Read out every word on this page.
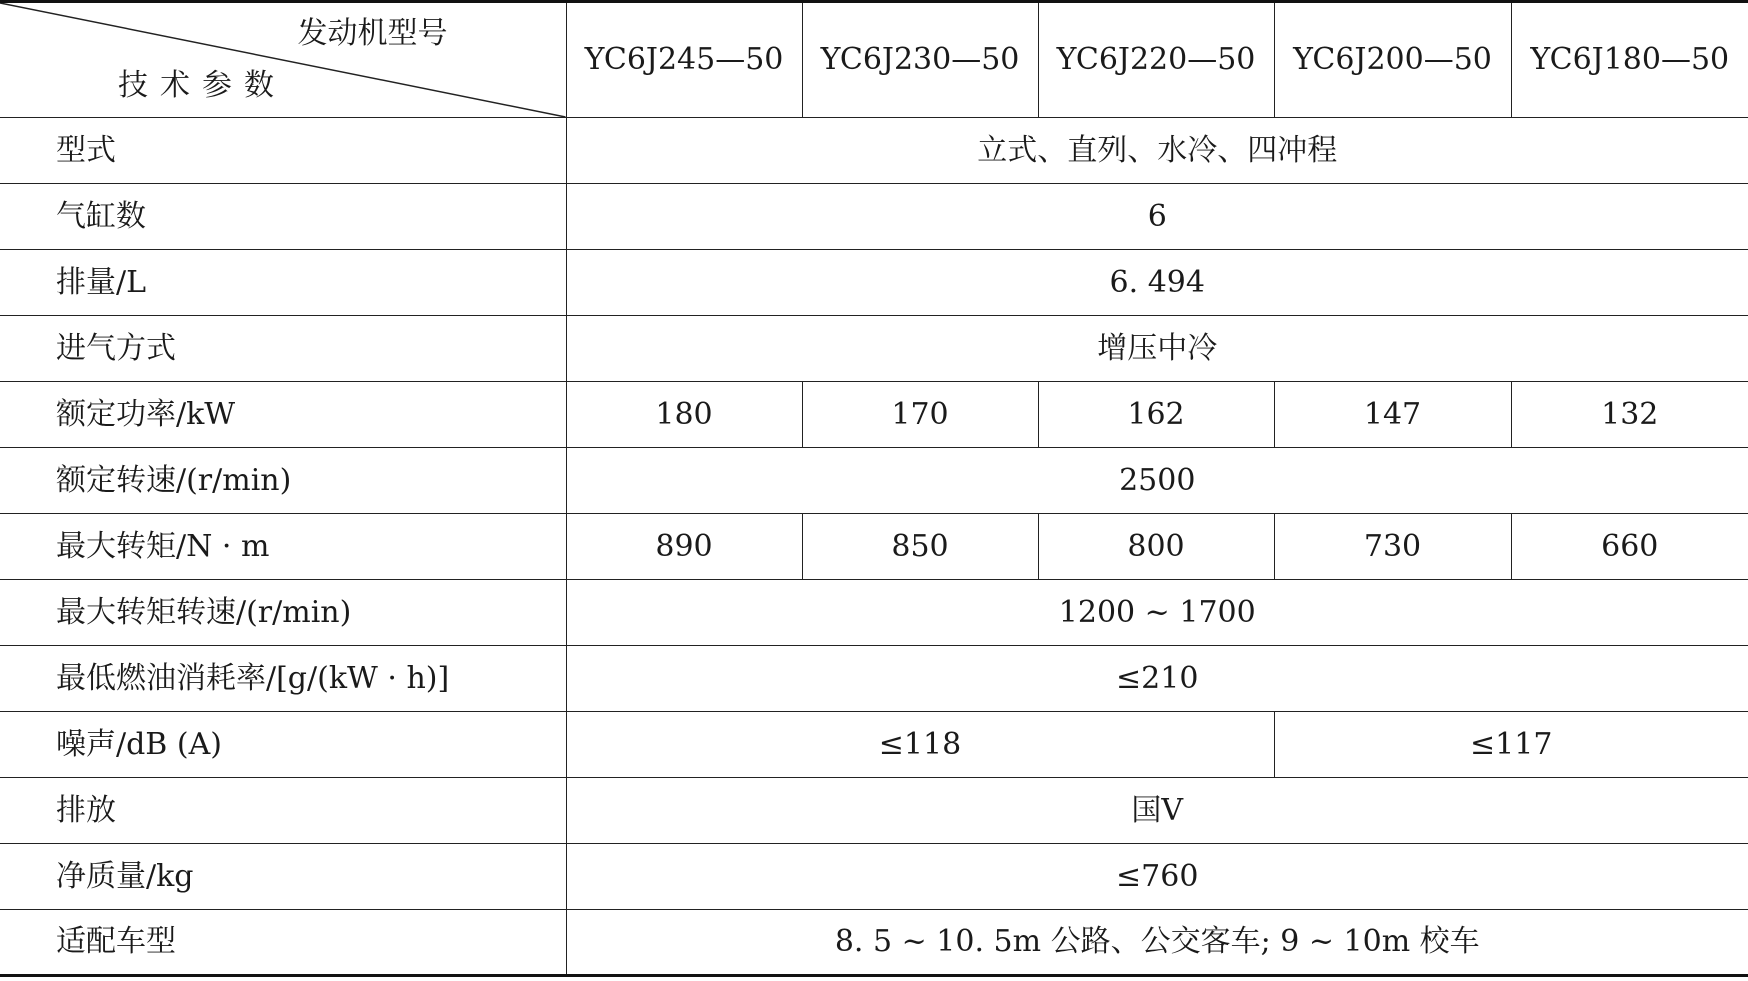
发动机型号
技术参数	YC6J245—50	YC6J230—50	YC6J220—50	YC6J200—50	YC6J180—50
型式	立式、直列、水冷、四冲程				
气缸数	6				
排量/L	6. 494				
进气方式	增压中冷				
额定功率/kW	180	170	162	147	132
额定转速/(r/min)	2500				
最大转矩/N · m	890	850	800	730	660
最大转矩转速/(r/min)	1200 ~ 1700				
最低燃油消耗率/[g/(kW · h)]	≤210				
噪声/dB (A)	≤118			≤117	
排放	国Ⅴ				
净质量/kg	≤760				
适配车型	8. 5 ~ 10. 5m 公路、公交客车; 9 ~ 10m 校车				
